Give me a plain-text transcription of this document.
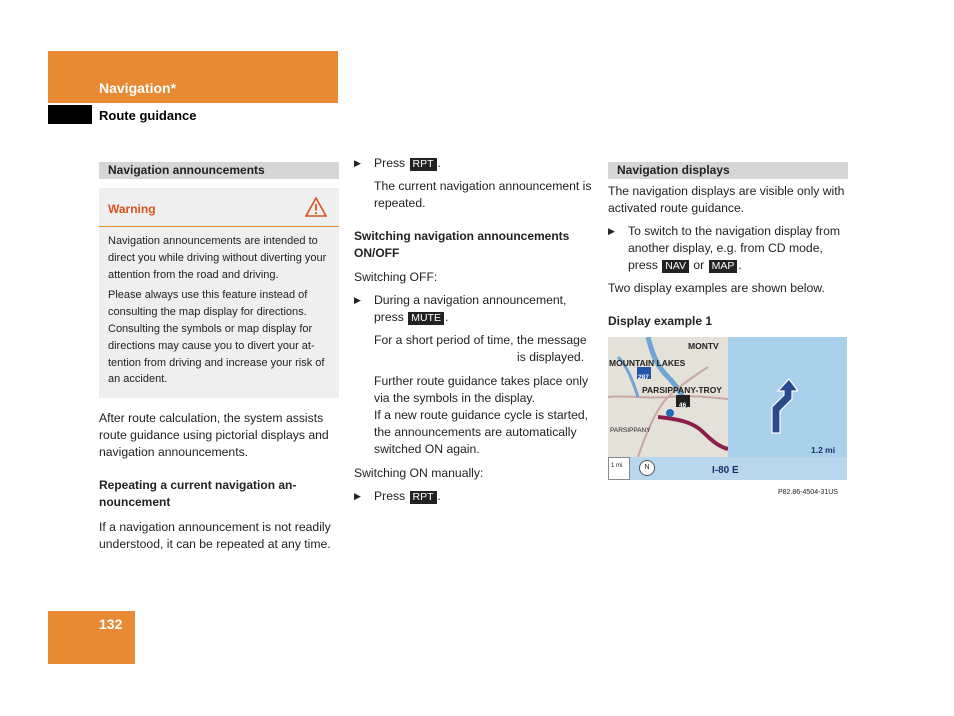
Navigation*
Route guidance
Navigation announcements
Warning

Navigation announcements are intended to direct you while driving without diverting your attention from the road and driving.

Please always use this feature instead of consulting the map display for directions. Consulting the symbols or map display for directions may cause you to divert your at-tention from driving and increase your risk of an accident.

After route calculation, the system assists route guidance using pictorial displays and navigation announcements.

Repeating a current navigation an-nouncement

If a navigation announcement is not readily understood, it can be repeated at any time.

▶ Press RPT .

The current navigation announcement is repeated.

Switching navigation announcements ON/OFF

Switching OFF:

▶ During a navigation announcement, press MUTE .

For a short period of time, the message
is displayed.

Further route guidance takes place only via the symbols in the display.

If a new route guidance cycle is started, the announcements are automatically switched ON again.

Switching ON manually:

▶ Press RPT .

Navigation displays

The navigation displays are visible only with activated route guidance.

▶ To switch to the navigation display from another display, e.g. from CD mode, press NAV or MAP .

Two display examples are shown below.

Display example 1

MONTV
MOUNTAIN LAKES
PARSIPPANY-TROY
PARSIPPANY
287
46
1.2 mi
1 mi	N	I-80 E

P82.86-4504-31US

132
